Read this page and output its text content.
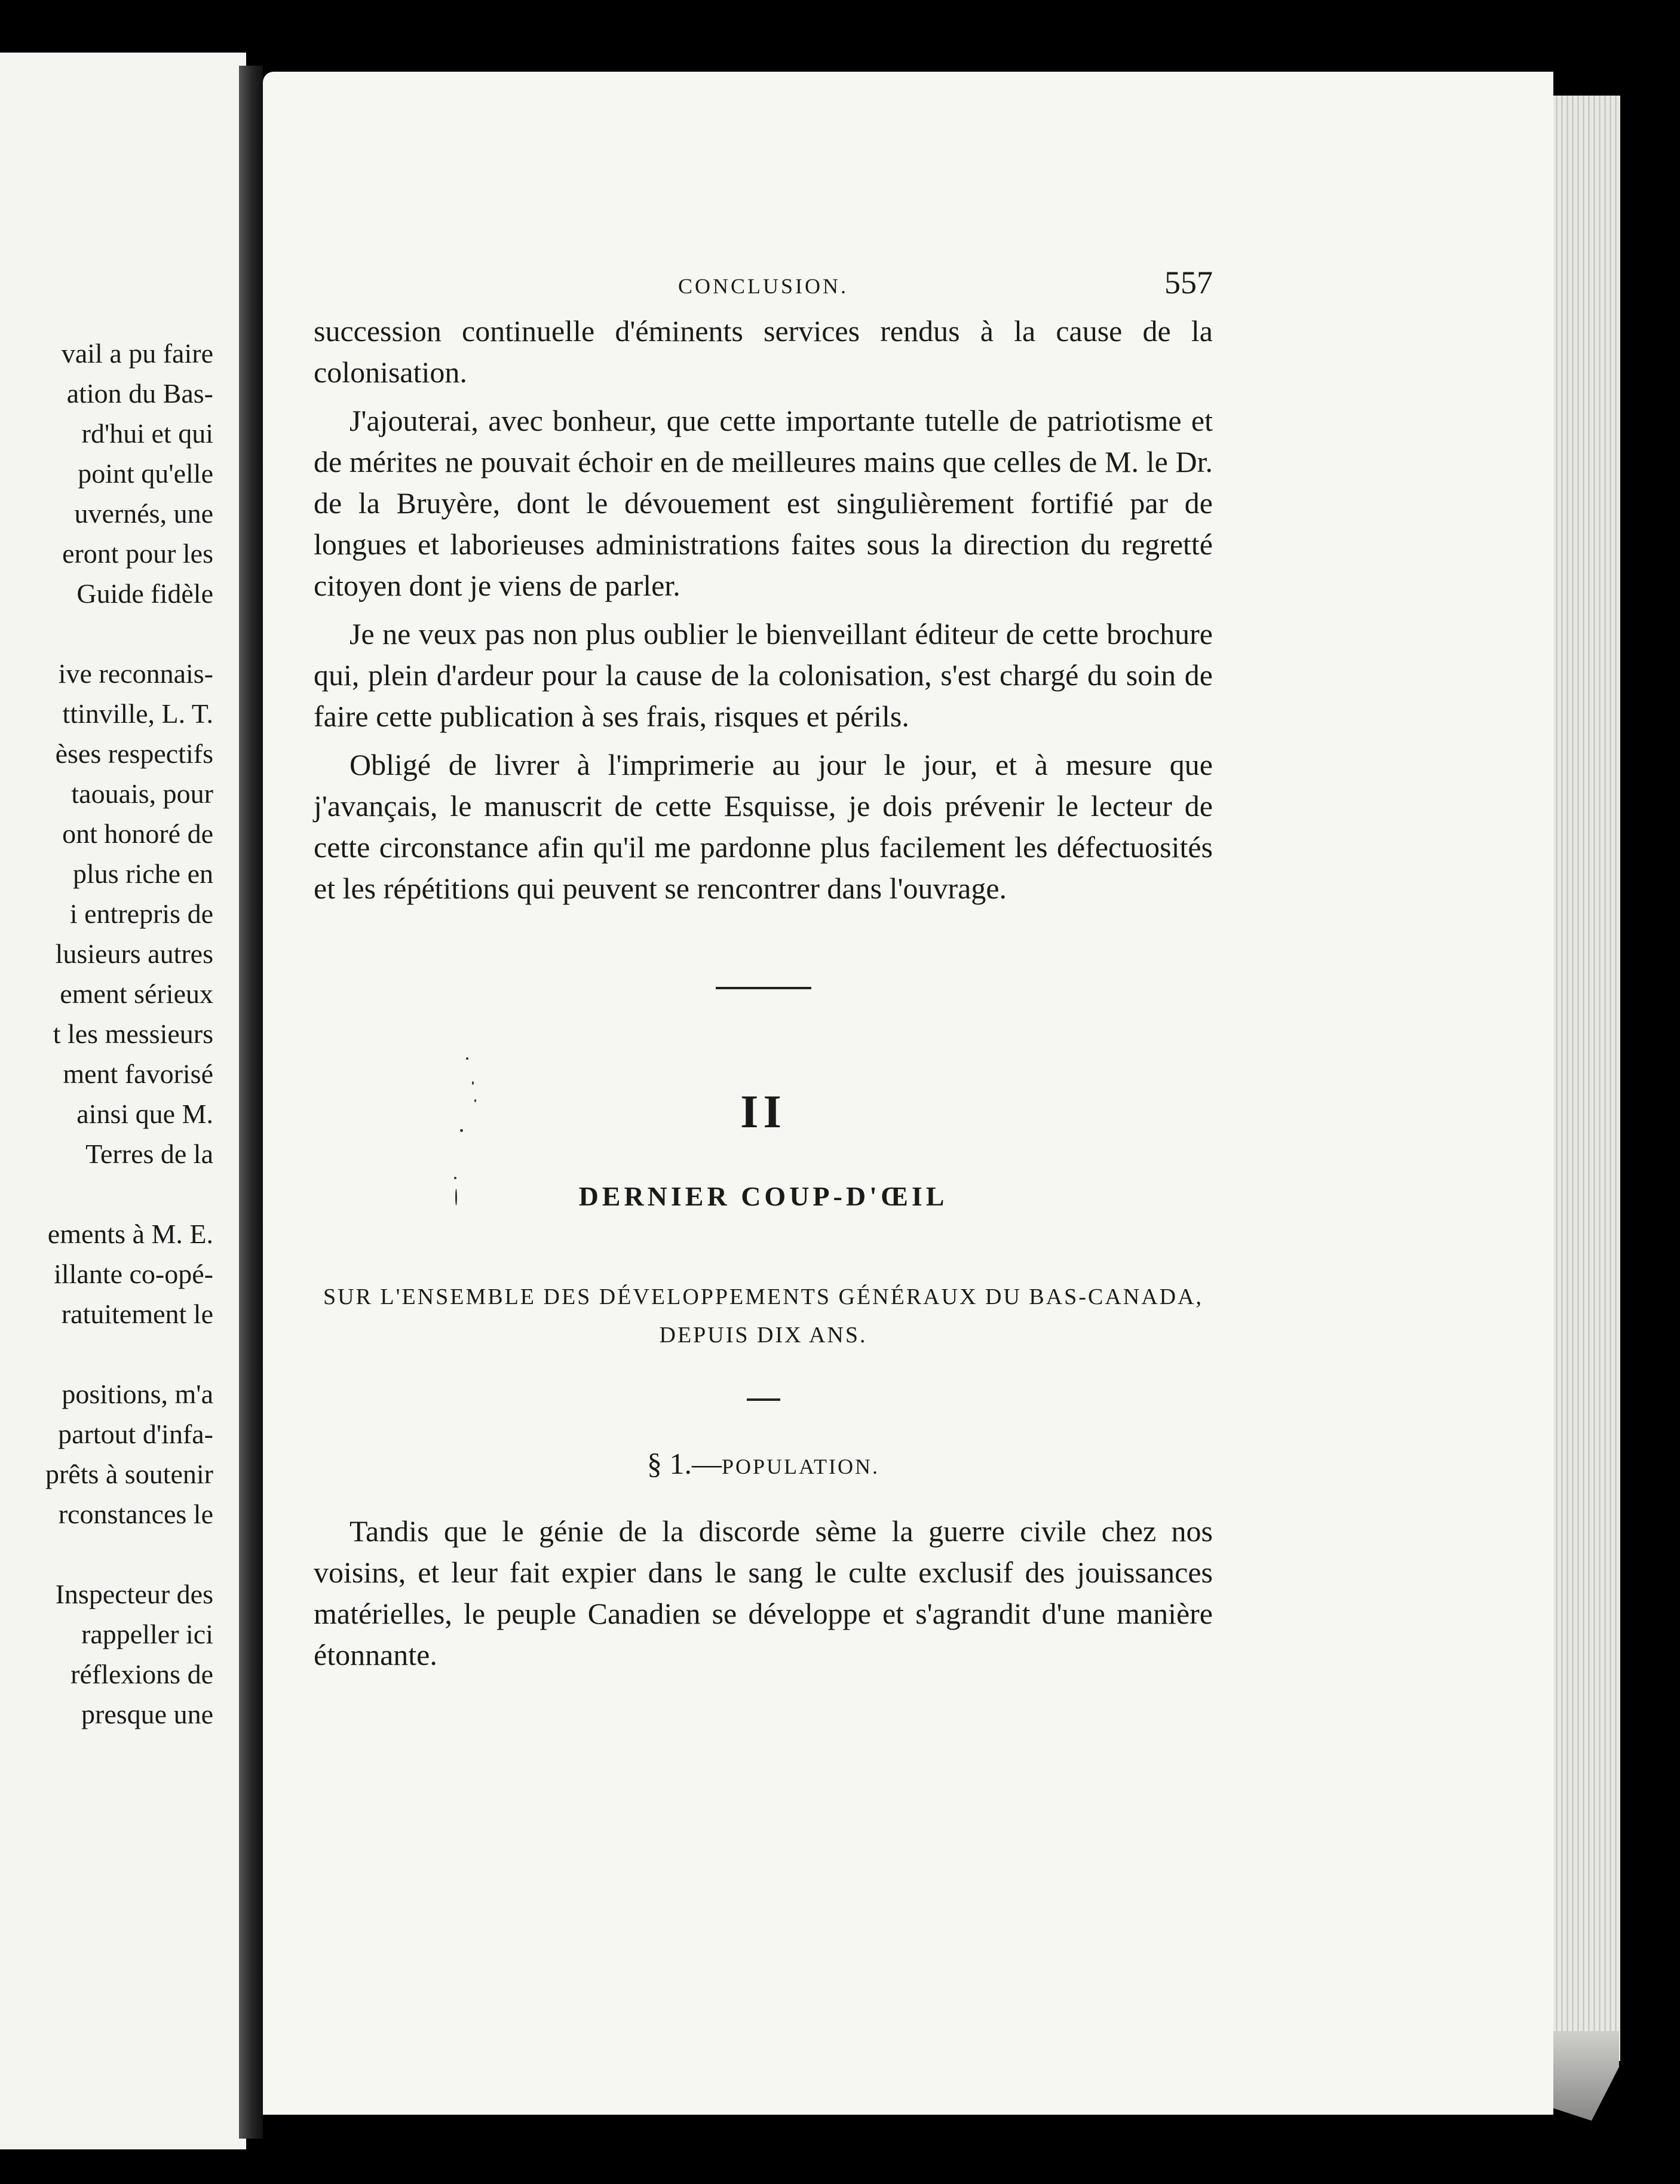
vail a pu faire
ation du Bas-
rd'hui et qui
point qu'elle
uvernés, une
eront pour les
Guide fidèle
ive reconnais-
ttinville, L. T.
èses respectifs
taouais, pour
ont honoré de
plus riche en
i entrepris de
lusieurs autres
ement sérieux
t les messieurs
ment favorisé
ainsi que M.
Terres de la
ements à M. E.
illante co-opé-
ratuitement le
positions, m'a
partout d'infa-
prêts à soutenir
rconstances le
Inspecteur des
rappeller ici
réflexions de
presque une
CONCLUSION.	557

succession continuelle d'éminents services rendus à la cause de la colonisation.

J'ajouterai, avec bonheur, que cette importante tutelle de patriotisme et de mérites ne pouvait échoir en de meilleures mains que celles de M. le Dr. de la Bruyère, dont le dévouement est singulièrement fortifié par de longues et laborieuses administrations faites sous la direction du regretté citoyen dont je viens de parler.

Je ne veux pas non plus oublier le bienveillant éditeur de cette brochure qui, plein d'ardeur pour la cause de la colonisation, s'est chargé du soin de faire cette publication à ses frais, risques et périls.

Obligé de livrer à l'imprimerie au jour le jour, et à mesure que j'avançais, le manuscrit de cette Esquisse, je dois prévenir le lecteur de cette circonstance afin qu'il me pardonne plus facilement les défectuosités et les répétitions qui peuvent se rencontrer dans l'ouvrage.

II
DERNIER COUP-D'ŒIL
SUR L'ENSEMBLE DES DÉVELOPPEMENTS GÉNÉRAUX DU BAS-CANADA,
DEPUIS DIX ANS.
§ 1.—POPULATION.

Tandis que le génie de la discorde sème la guerre civile chez nos voisins, et leur fait expier dans le sang le culte exclusif des jouissances matérielles, le peuple Canadien se développe et s'agrandit d'une manière étonnante.
